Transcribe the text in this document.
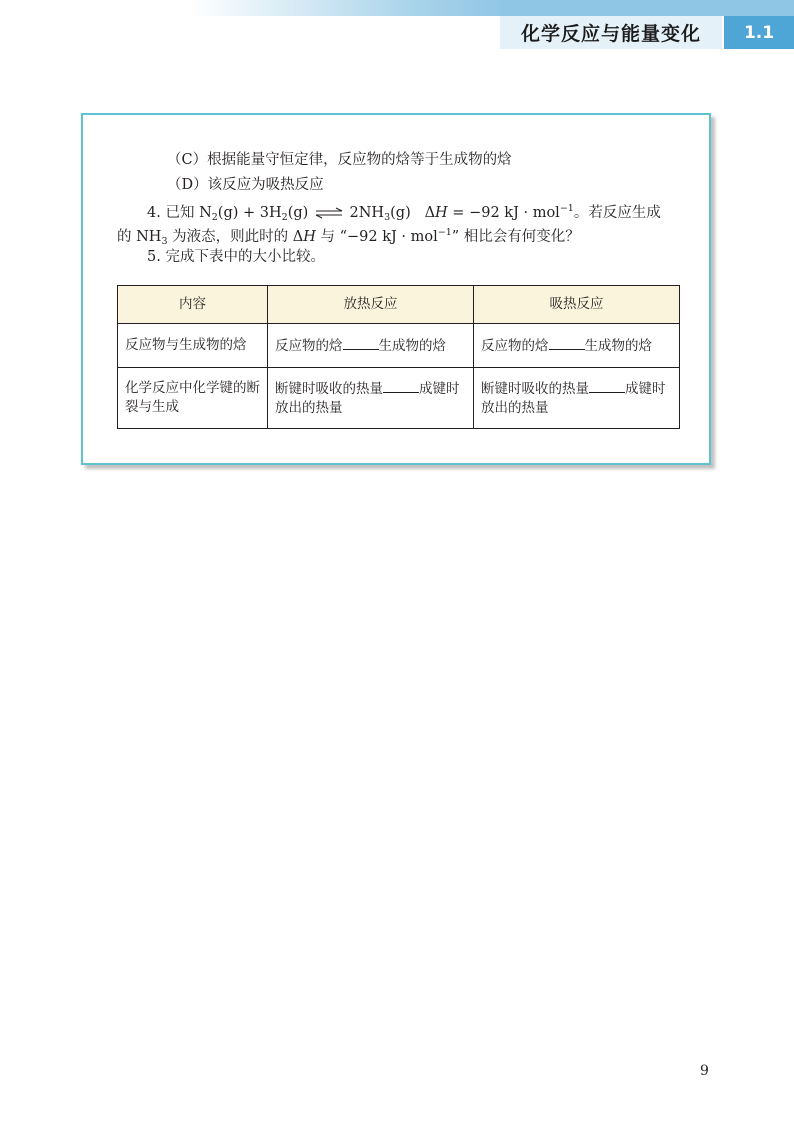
化学反应与能量变化	1.1
（C）根据能量守恒定律，反应物的焓等于生成物的焓
（D）该反应为吸热反应
4. 已知 $N_2(g) + 3H_2(g)$ ⇌ $2NH_3(g) \Delta H = -92$ kJ · mol$^{-1}$。若反应生成
的 $NH_3$ 为液态，则此时的 ΔH 与 “−92 kJ · mol$^{-1}$” 相比会有何变化？
5. 完成下表中的大小比较。
内容	放热反应	吸热反应
反应物与生成物的焓	反应物的焓 生成物的焓	反应物的焓 生成物的焓
化学反应中化学键的断裂与生成	断键时吸收的热量 成键时放出的热量	断键时吸收的热量 成键时放出的热量
9
